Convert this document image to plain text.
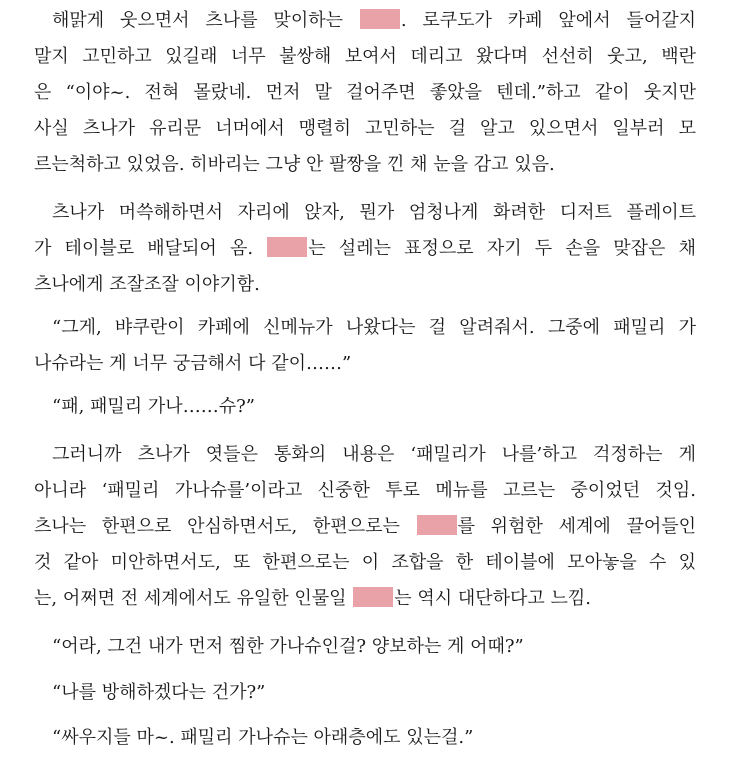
해맑게 웃으면서 츠나를 맞이하는 . 로쿠도가 카페 앞에서 들어갈지
말지 고민하고 있길래 너무 불쌍해 보여서 데리고 왔다며 선선히 웃고, 백란
은 “이야~. 전혀 몰랐네. 먼저 말 걸어주면 좋았을 텐데.”하고 같이 웃지만
사실 츠나가 유리문 너머에서 맹렬히 고민하는 걸 알고 있으면서 일부러 모
르는척하고 있었음. 히바리는 그냥 안 팔짱을 낀 채 눈을 감고 있음.
츠나가 머쓱해하면서 자리에 앉자, 뭔가 엄청나게 화려한 디저트 플레이트
가 테이블로 배달되어 옴. 는 설레는 표정으로 자기 두 손을 맞잡은 채
츠나에게 조잘조잘 이야기함.
“그게, 뱌쿠란이 카페에 신메뉴가 나왔다는 걸 알려줘서. 그중에 패밀리 가
나슈라는 게 너무 궁금해서 다 같이……”
“패, 패밀리 가나……슈?”
그러니까 츠나가 엿들은 통화의 내용은 ‘패밀리가 나를’하고 걱정하는 게
아니라 ‘패밀리 가나슈를’이라고 신중한 투로 메뉴를 고르는 중이었던 것임.
츠나는 한편으로 안심하면서도, 한편으로는 를 위험한 세계에 끌어들인
것 같아 미안하면서도, 또 한편으로는 이 조합을 한 테이블에 모아놓을 수 있
는, 어쩌면 전 세계에서도 유일한 인물일 는 역시 대단하다고 느낌.
“어라, 그건 내가 먼저 찜한 가나슈인걸? 양보하는 게 어때?”
“나를 방해하겠다는 건가?”
“싸우지들 마~. 패밀리 가나슈는 아래층에도 있는걸.”
